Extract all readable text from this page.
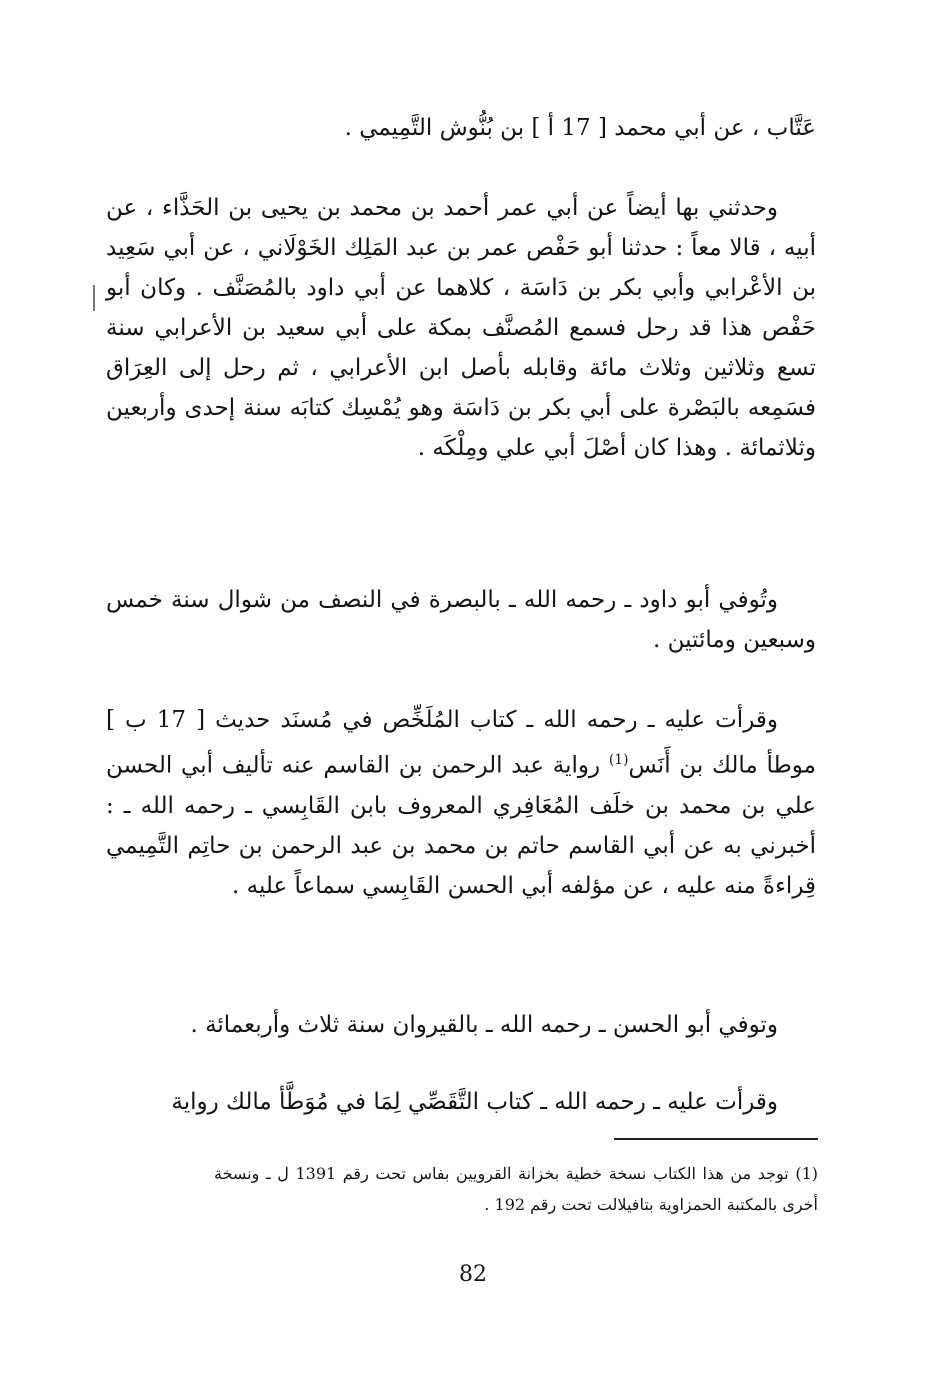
عَتَّاب ، عن أبي محمد [ 17 أ ] بن بُنُّوش التَّمِيمي .

وحدثني بها أيضاً عن أبي عمر أحمد بن محمد بن يحيى بن الحَذَّاء ، عن أبيه ، قالا معاً : حدثنا أبو حَفْص عمر بن عبد المَلِك الخَوْلَاني ، عن أبي سَعِيد بن الأعْرابي وأبي بكر بن دَاسَة ، كلاهما عن أبي داود بالمُصَنَّف . وكان أبو حَفْص هذا قد رحل فسمع المُصنَّف بمكة على أبي سعيد بن الأعرابي سنة تسع وثلاثين وثلاث مائة وقابله بأصل ابن الأعرابي ، ثم رحل إلى العِرَاق فسَمِعه بالبَصْرة على أبي بكر بن دَاسَة وهو يُمْسِك كتابَه سنة إحدى وأربعين وثلاثمائة . وهذا كان أصْلَ أبي علي ومِلْكَه .

وتُوفي أبو داود ـ رحمه الله ـ بالبصرة في النصف من شوال سنة خمس وسبعين ومائتين .

وقرأت عليه ـ رحمه الله ـ كتاب المُلَخِّص في مُسنَد حديث [ 17 ب ] موطأ مالك بن أَنَس$^{(1)}$ رواية عبد الرحمن بن القاسم عنه تأليف أبي الحسن علي بن محمد بن خلَف المُعَافِري المعروف بابن القَابِسي ـ رحمه الله ـ : أخبرني به عن أبي القاسم حاتم بن محمد بن عبد الرحمن بن حاتِم التَّمِيمي قِراءةً منه عليه ، عن مؤلفه أبي الحسن القَابِسي سماعاً عليه .

وتوفي أبو الحسن ـ رحمه الله ـ بالقيروان سنة ثلاث وأربعمائة .

وقرأت عليه ـ رحمه الله ـ كتاب التَّقَصِّي لِمَا في مُوَطَّأ مالك رواية

(1) توجد من هذا الكتاب نسخة خطية بخزانة القرويين بفاس تحت رقم 1391 ل ـ ونسخة أخرى بالمكتبة الحمزاوية بتافيلالت تحت رقم 192 .

82
